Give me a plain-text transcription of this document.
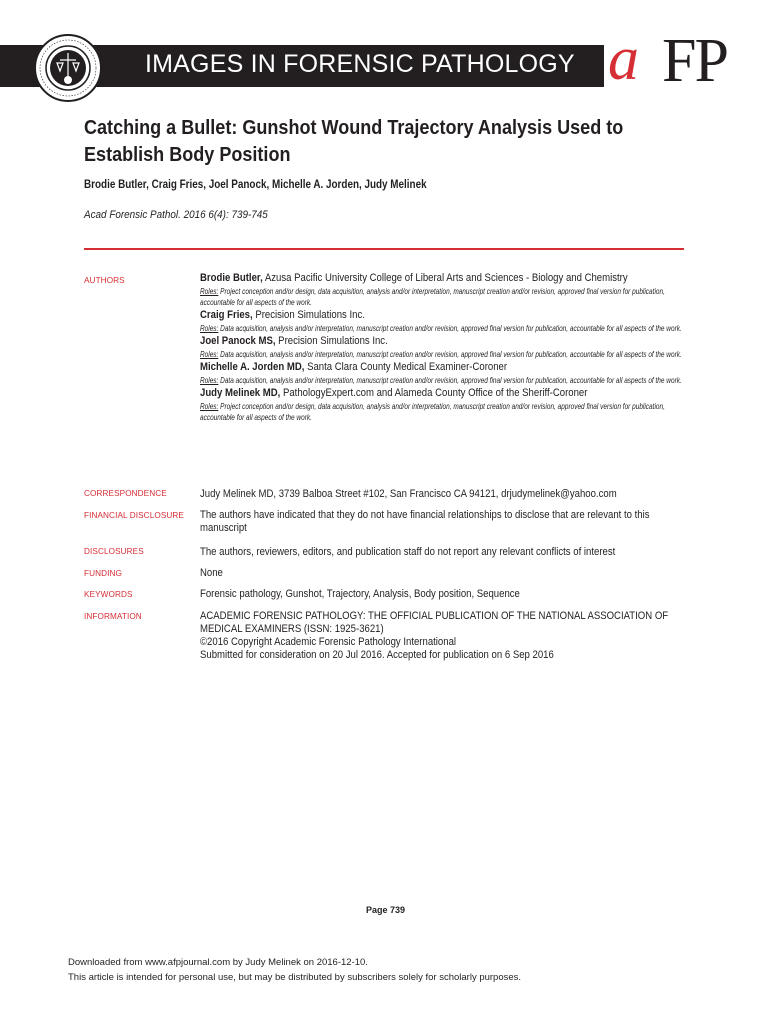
IMAGES IN FORENSIC PATHOLOGY a FP
Catching a Bullet: Gunshot Wound Trajectory Analysis Used to Establish Body Position
Brodie Butler, Craig Fries, Joel Panock, Michelle A. Jorden, Judy Melinek
Acad Forensic Pathol. 2016 6(4): 739-745
AUTHORS	Brodie Butler, Azusa Pacific University College of Liberal Arts and Sciences - Biology and Chemistry
Roles: Project conception and/or design, data acquisition, analysis and/or interpretation, manuscript creation and/or revision, approved final version for publication, accountable for all aspects of the work.
Craig Fries, Precision Simulations Inc.
Roles: Data acquisition, analysis and/or interpretation, manuscript creation and/or revision, approved final version for publication, accountable for all aspects of the work.
Joel Panock MS, Precision Simulations Inc.
Roles: Data acquisition, analysis and/or interpretation, manuscript creation and/or revision, approved final version for publication, accountable for all aspects of the work.
Michelle A. Jorden MD, Santa Clara County Medical Examiner-Coroner
Roles: Data acquisition, analysis and/or interpretation, manuscript creation and/or revision, approved final version for publication, accountable for all aspects of the work.
Judy Melinek MD, PathologyExpert.com and Alameda County Office of the Sheriff-Coroner
Roles: Project conception and/or design, data acquisition, analysis and/or interpretation, manuscript creation and/or revision, approved final version for publication, accountable for all aspects of the work.
CORRESPONDENCE	Judy Melinek MD, 3739 Balboa Street #102, San Francisco CA 94121, drjudymelinek@yahoo.com
FINANCIAL DISCLOSURE The authors have indicated that they do not have financial relationships to disclose that are relevant to this manuscript
DISCLOSURES	The authors, reviewers, editors, and publication staff do not report any relevant conflicts of interest
FUNDING	None
KEYWORDS	Forensic pathology, Gunshot, Trajectory, Analysis, Body position, Sequence
INFORMATION	ACADEMIC FORENSIC PATHOLOGY: THE OFFICIAL PUBLICATION OF THE NATIONAL ASSOCIATION OF MEDICAL EXAMINERS (ISSN: 1925-3621)
©2016 Copyright Academic Forensic Pathology International
Submitted for consideration on 20 Jul 2016. Accepted for publication on 6 Sep 2016
Page 739
Downloaded from www.afpjournal.com by Judy Melinek on 2016-12-10.
This article is intended for personal use, but may be distributed by subscribers solely for scholarly purposes.
